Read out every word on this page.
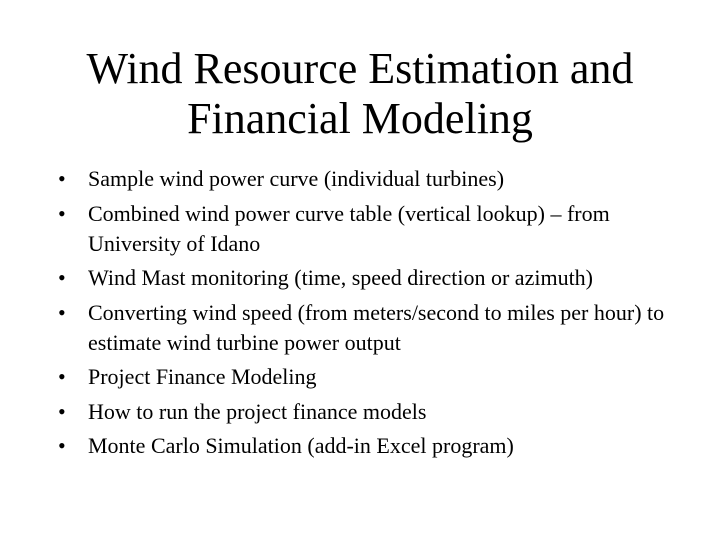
Wind Resource Estimation and Financial Modeling
•	Sample wind power curve (individual turbines)
•	Combined wind power curve table (vertical lookup) – from University of Idano
•	Wind Mast monitoring (time, speed direction or azimuth)
•	Converting wind speed (from meters/second to miles per hour) to estimate wind turbine power output
•	Project Finance Modeling
•	How to run the project finance models
•	Monte Carlo Simulation (add-in Excel program)
